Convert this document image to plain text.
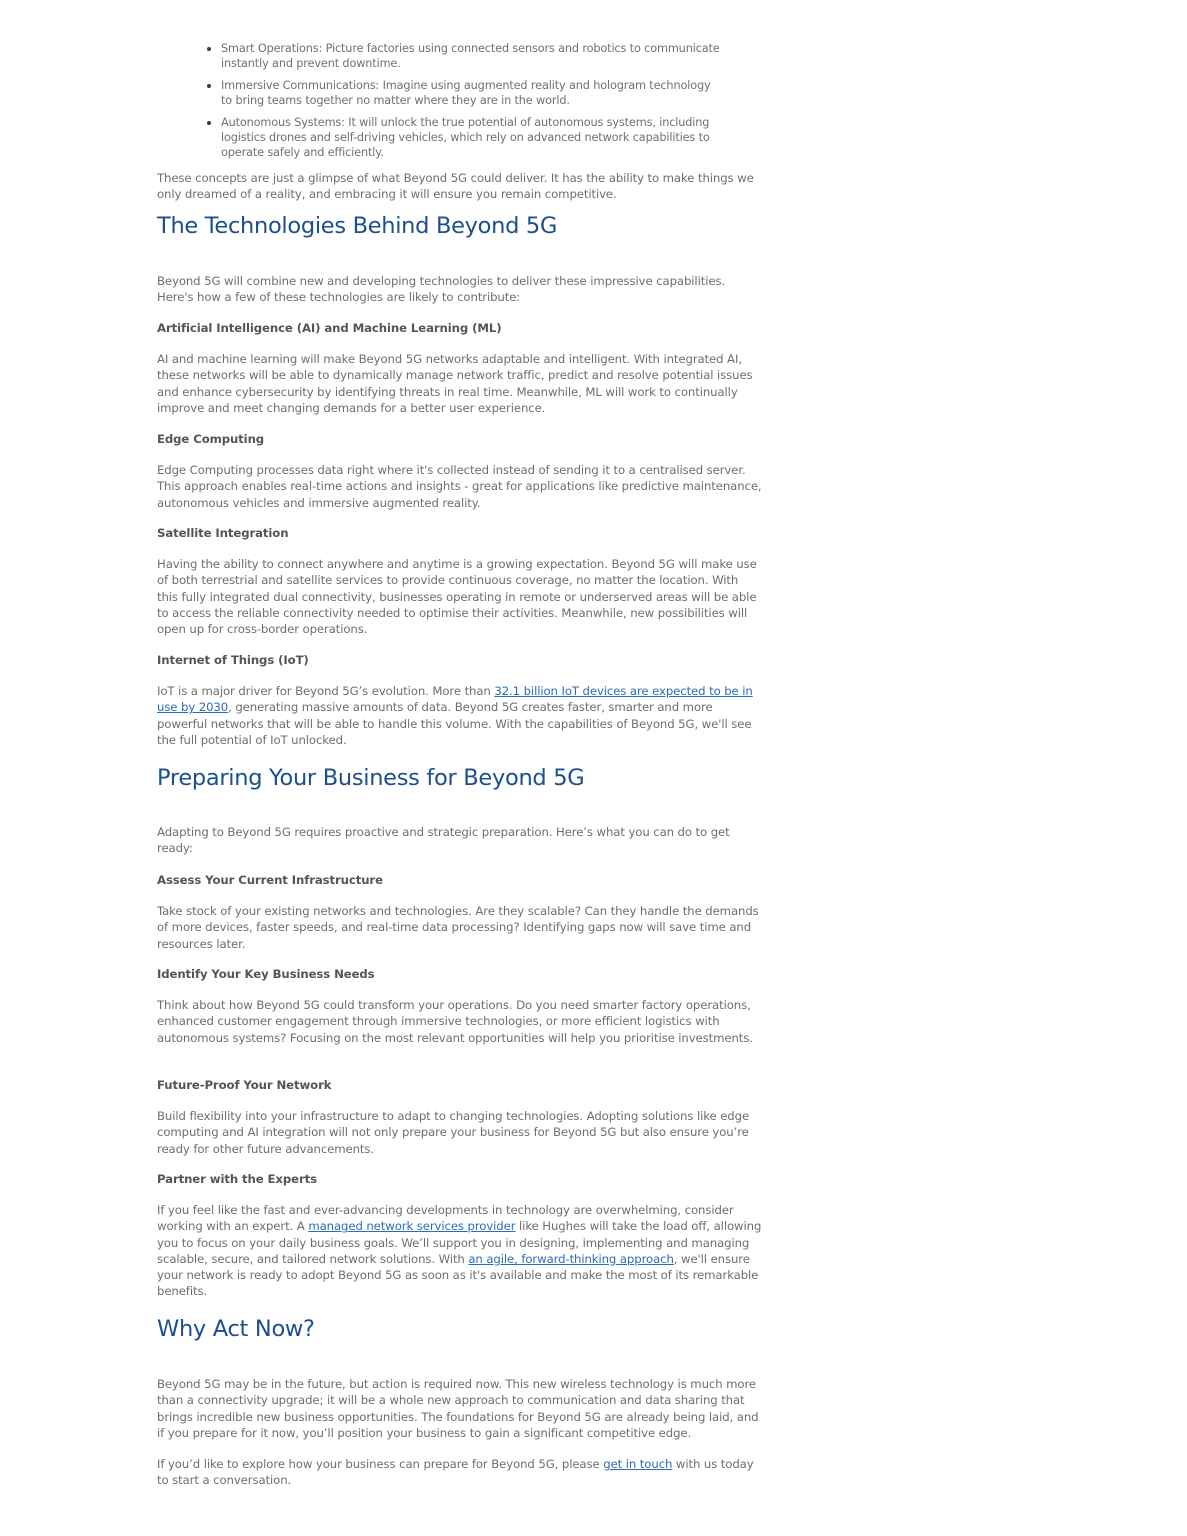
Smart Operations: Picture factories using connected sensors and robotics to communicate instantly and prevent downtime.
Immersive Communications: Imagine using augmented reality and hologram technology to bring teams together no matter where they are in the world.
Autonomous Systems: It will unlock the true potential of autonomous systems, including logistics drones and self-driving vehicles, which rely on advanced network capabilities to operate safely and efficiently.

These concepts are just a glimpse of what Beyond 5G could deliver. It has the ability to make things we only dreamed of a reality, and embracing it will ensure you remain competitive.

The Technologies Behind Beyond 5G

Beyond 5G will combine new and developing technologies to deliver these impressive capabilities. Here's how a few of these technologies are likely to contribute:

Artificial Intelligence (AI) and Machine Learning (ML)

AI and machine learning will make Beyond 5G networks adaptable and intelligent. With integrated AI, these networks will be able to dynamically manage network traffic, predict and resolve potential issues and enhance cybersecurity by identifying threats in real time. Meanwhile, ML will work to continually improve and meet changing demands for a better user experience.

Edge Computing

Edge Computing processes data right where it's collected instead of sending it to a centralised server. This approach enables real-time actions and insights - great for applications like predictive maintenance, autonomous vehicles and immersive augmented reality.

Satellite Integration

Having the ability to connect anywhere and anytime is a growing expectation. Beyond 5G will make use of both terrestrial and satellite services to provide continuous coverage, no matter the location. With this fully integrated dual connectivity, businesses operating in remote or underserved areas will be able to access the reliable connectivity needed to optimise their activities. Meanwhile, new possibilities will open up for cross-border operations.

Internet of Things (IoT)

IoT is a major driver for Beyond 5G’s evolution. More than 32.1 billion IoT devices are expected to be in use by 2030, generating massive amounts of data. Beyond 5G creates faster, smarter and more powerful networks that will be able to handle this volume. With the capabilities of Beyond 5G, we'll see the full potential of IoT unlocked.

Preparing Your Business for Beyond 5G

Adapting to Beyond 5G requires proactive and strategic preparation. Here’s what you can do to get ready:

Assess Your Current Infrastructure

Take stock of your existing networks and technologies. Are they scalable? Can they handle the demands of more devices, faster speeds, and real-time data processing? Identifying gaps now will save time and resources later.

Identify Your Key Business Needs

Think about how Beyond 5G could transform your operations. Do you need smarter factory operations, enhanced customer engagement through immersive technologies, or more efficient logistics with autonomous systems? Focusing on the most relevant opportunities will help you prioritise investments.

Future-Proof Your Network

Build flexibility into your infrastructure to adapt to changing technologies. Adopting solutions like edge computing and AI integration will not only prepare your business for Beyond 5G but also ensure you’re ready for other future advancements.

Partner with the Experts

If you feel like the fast and ever-advancing developments in technology are overwhelming, consider working with an expert. A managed network services provider like Hughes will take the load off, allowing you to focus on your daily business goals. We’ll support you in designing, implementing and managing scalable, secure, and tailored network solutions. With an agile, forward-thinking approach, we'll ensure your network is ready to adopt Beyond 5G as soon as it's available and make the most of its remarkable benefits.

Why Act Now?

Beyond 5G may be in the future, but action is required now. This new wireless technology is much more than a connectivity upgrade; it will be a whole new approach to communication and data sharing that brings incredible new business opportunities. The foundations for Beyond 5G are already being laid, and if you prepare for it now, you’ll position your business to gain a significant competitive edge.

If you’d like to explore how your business can prepare for Beyond 5G, please get in touch with us today to start a conversation.
